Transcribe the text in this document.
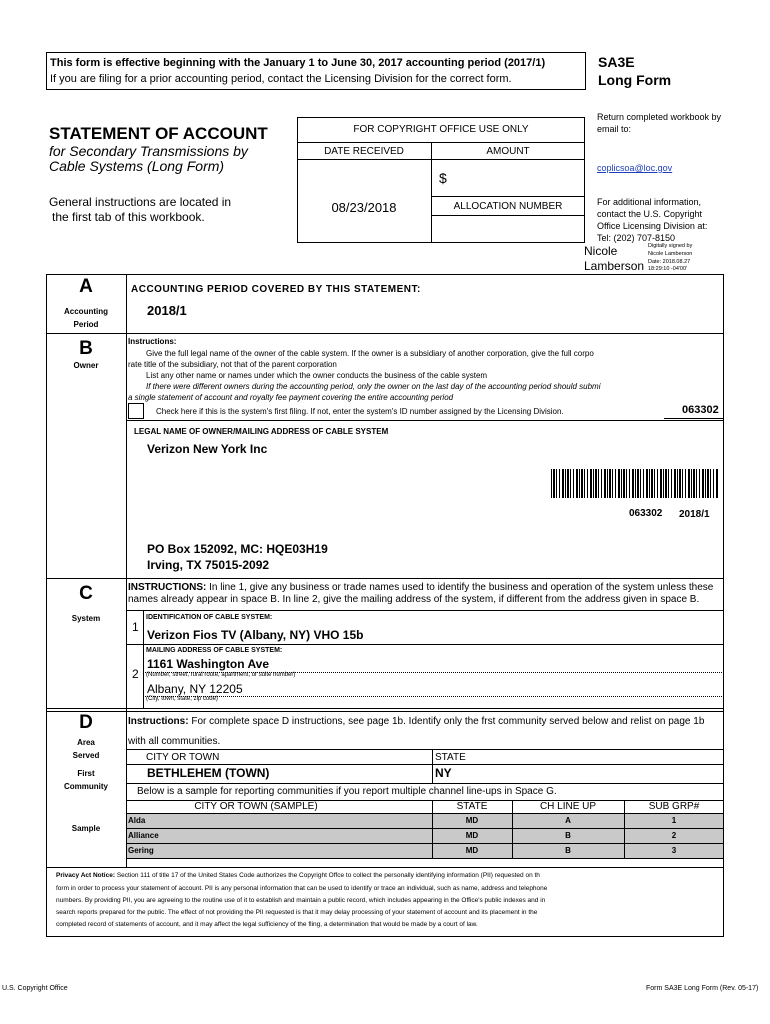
This form is effective beginning with the January 1 to June 30, 2017 accounting period (2017/1)
If you are filing for a prior accounting period, contact the Licensing Division for the correct form.
SA3E
Long Form
STATEMENT OF ACCOUNT
for Secondary Transmissions by
Cable Systems (Long Form)
General instructions are located in
the first tab of this workbook.
FOR COPYRIGHT OFFICE USE ONLY
DATE RECEIVED	AMOUNT
$
08/23/2018	ALLOCATION NUMBER
Return completed workbook by
email to:
coplicsoa@loc.gov
For additional information,
contact the U.S. Copyright
Office Licensing Division at:
Tel: (202) 707-8150
Nicole
Lamberson
Digitally signed by
Nicole Lamberson
Date: 2018.08.27
18:29:10 -04'00'
A
Accounting
Period
ACCOUNTING PERIOD COVERED BY THIS STATEMENT:
2018/1
B
Owner
Instructions:
Give the full legal name of the owner of the cable system. If the owner is a subsidiary of another corporation, give the full corpo
rate title of the subsidiary, not that of the parent corporation
List any other name or names under which the owner conducts the business of the cable system
If there were different owners during the accounting period, only the owner on the last day of the accounting period should submi
a single statement of account and royalty fee payment covering the entire accounting period
Check here if this is the system's first filing. If not, enter the system's ID number assigned by the Licensing Division.	063302
LEGAL NAME OF OWNER/MAILING ADDRESS OF CABLE SYSTEM
Verizon New York Inc
063302 2018/1
PO Box 152092, MC: HQE03H19
Irving, TX 75015-2092
C
System
INSTRUCTIONS: In line 1, give any business or trade names used to identify the business and operation of the system unless these
names already appear in space B. In line 2, give the mailing address of the system, if different from the address given in space B.
1
IDENTIFICATION OF CABLE SYSTEM:
Verizon Fios TV (Albany, NY) VHO 15b
2
MAILING ADDRESS OF CABLE SYSTEM:
1161 Washington Ave
(Number, street, rural route, apartment, or suite number)
Albany, NY 12205
(City, town, state, zip code)
D
Area
Served
First
Community
Sample
Instructions: For complete space D instructions, see page 1b. Identify only the frst community served below and relist on page 1b
with all communities.
CITY OR TOWN	STATE
BETHLEHEM (TOWN)	NY
Below is a sample for reporting communities if you report multiple channel line-ups in Space G.
CITY OR TOWN (SAMPLE)	STATE	CH LINE UP	SUB GRP#
Alda	MD	A	1
Alliance	MD	B	2
Gering	MD	B	3
Privacy Act Notice: Section 111 of title 17 of the United States Code authorizes the Copyright Offce to collect the personally identifying information (PII) requested on th
form in order to process your statement of account. PII is any personal information that can be used to identify or trace an individual, such as name, address and telephone
numbers. By providing PII, you are agreeing to the routine use of it to establish and maintain a public record, which includes appearing in the Office's public indexes and in
search reports prepared for the public. The effect of not providing the PII requested is that it may delay processing of your statement of account and its placement in the
completed record of statements of account, and it may affect the legal sufficiency of the fling, a determination that would be made by a court of law.
U.S. Copyright Office	Form SA3E Long Form (Rev. 05-17)
